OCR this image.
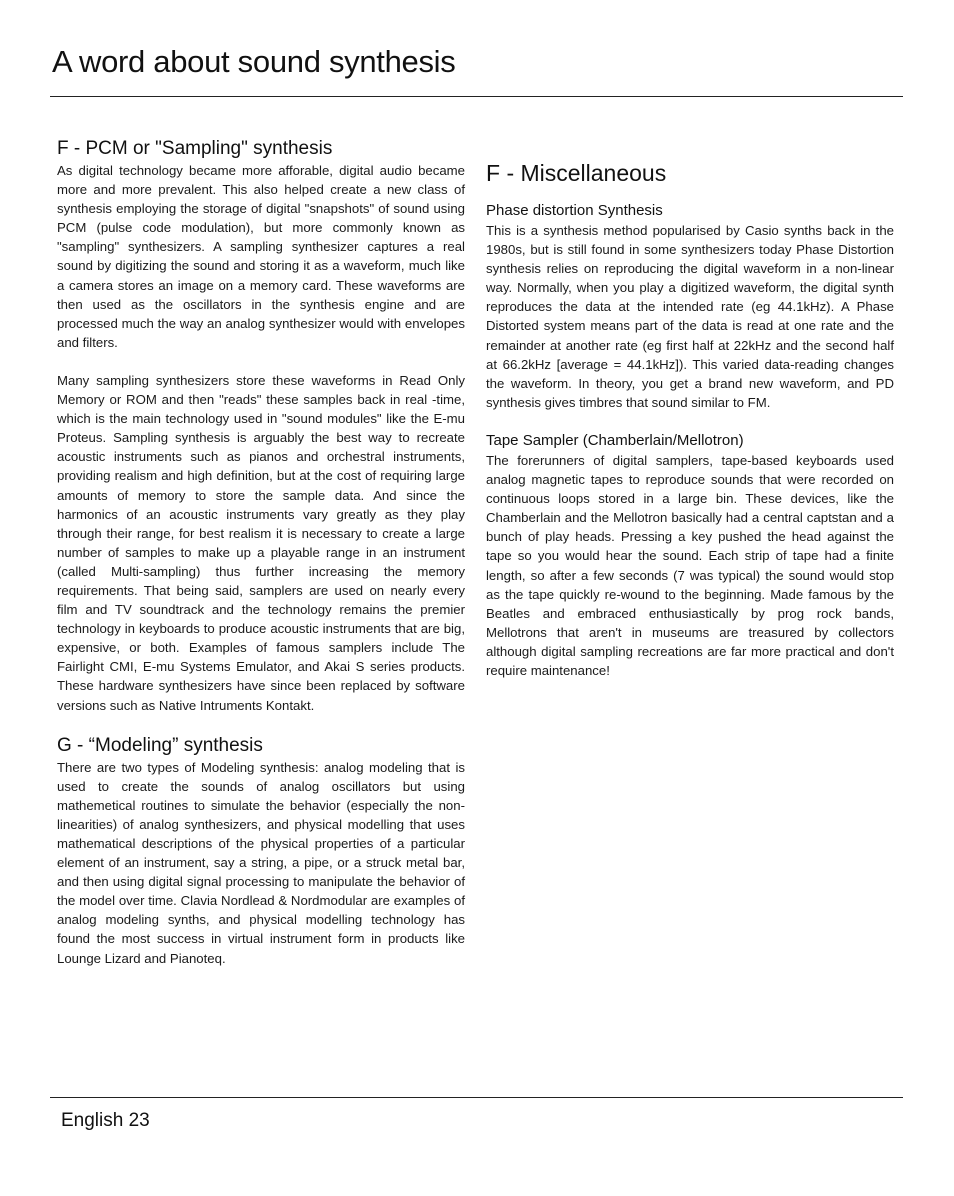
A word about sound synthesis
F - PCM or "Sampling" synthesis

As digital technology became more afforable, digital audio became more and more prevalent. This also helped create a new class of synthesis employing the storage of digital "snapshots" of sound using PCM (pulse code modulation), but more commonly known as "sampling" synthesizers. A sampling synthesizer captures a real sound by digitizing the sound and storing it as a waveform, much like a camera stores an image on a memory card. These waveforms are then used as the oscillators in the synthesis engine and are processed much the way an analog synthesizer would with envelopes and filters.

Many sampling synthesizers store these waveforms in Read Only Memory or ROM and then "reads" these samples back in real -time, which is the main technology used in "sound modules" like the E-mu Proteus. Sampling synthesis is arguably the best way to recreate acoustic instruments such as pianos and orchestral instruments, providing realism and high definition, but at the cost of requiring large amounts of memory to store the sample data. And since the harmonics of an acoustic instruments vary greatly as they play through their range, for best realism it is necessary to create a large number of samples to make up a playable range in an instrument (called Multi-sampling) thus further increasing the memory requirements. That being said, samplers are used on nearly every film and TV soundtrack and the technology remains the premier technology in keyboards to produce acoustic instruments that are big, expensive, or both. Examples of famous samplers include The Fairlight CMI, E-mu Systems Emulator, and Akai S series products. These hardware synthesizers have since been replaced by software versions such as Native Intruments Kontakt.

G - “Modeling” synthesis

There are two types of Modeling synthesis: analog modeling that is used to create the sounds of analog oscillators but using mathemetical routines to simulate the behavior (especially the non-linearities) of analog synthesizers, and physical modelling that uses mathematical descriptions of the physical properties of a particular element of an instrument, say a string, a pipe, or a struck metal bar, and then using digital signal processing to manipulate the behavior of the model over time. Clavia Nordlead & Nordmodular are examples of analog modeling synths, and physical modelling technology has found the most success in virtual instrument form in products like Lounge Lizard and Pianoteq.

F - Miscellaneous
Phase distortion Synthesis

This is a synthesis method popularised by Casio synths back in the 1980s, but is still found in some synthesizers today Phase Distortion synthesis relies on reproducing the digital waveform in a non-linear way. Normally, when you play a digitized waveform, the digital synth reproduces the data at the intended rate (eg 44.1kHz). A Phase Distorted system means part of the data is read at one rate and the remainder at another rate (eg first half at 22kHz and the second half at 66.2kHz [average = 44.1kHz]). This varied data-reading changes the waveform. In theory, you get a brand new waveform, and PD synthesis gives timbres that sound similar to FM.

Tape Sampler (Chamberlain/Mellotron)

The forerunners of digital samplers, tape-based keyboards used analog magnetic tapes to reproduce sounds that were recorded on continuous loops stored in a large bin. These devices, like the Chamberlain and the Mellotron basically had a central captstan and a bunch of play heads. Pressing a key pushed the head against the tape so you would hear the sound. Each strip of tape had a finite length, so after a few seconds (7 was typical) the sound would stop as the tape quickly re-wound to the beginning. Made famous by the Beatles and embraced enthusiastically by prog rock bands, Mellotrons that aren't in museums are treasured by collectors although digital sampling recreations are far more practical and don't require maintenance!

English 23
